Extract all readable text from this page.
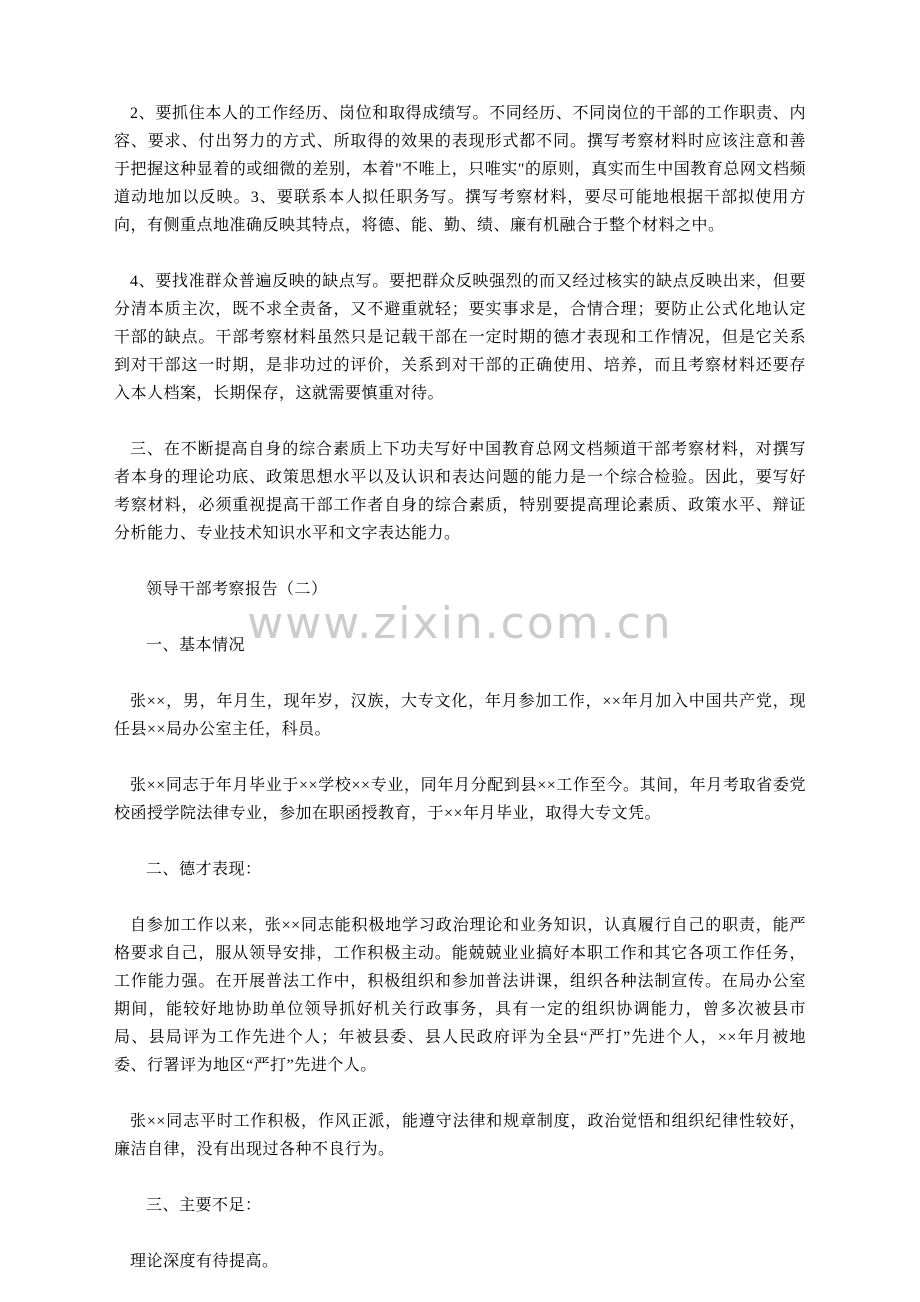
www.zixin.com.cn

2、要抓住本人的工作经历、岗位和取得成绩写。不同经历、不同岗位的干部的工作职责、内容、要求、付出努力的方式、所取得的效果的表现形式都不同。撰写考察材料时应该注意和善于把握这种显着的或细微的差别，本着"不唯上，只唯实"的原则，真实而生中国教育总网文档频道动地加以反映。3、要联系本人拟任职务写。撰写考察材料，要尽可能地根据干部拟使用方向，有侧重点地准确反映其特点，将德、能、勤、绩、廉有机融合于整个材料之中。

4、要找准群众普遍反映的缺点写。要把群众反映强烈的而又经过核实的缺点反映出来，但要分清本质主次，既不求全责备，又不避重就轻；要实事求是，合情合理；要防止公式化地认定干部的缺点。干部考察材料虽然只是记载干部在一定时期的德才表现和工作情况，但是它关系到对干部这一时期，是非功过的评价，关系到对干部的正确使用、培养，而且考察材料还要存入本人档案，长期保存，这就需要慎重对待。

三、在不断提高自身的综合素质上下功夫写好中国教育总网文档频道干部考察材料，对撰写者本身的理论功底、政策思想水平以及认识和表达问题的能力是一个综合检验。因此，要写好考察材料，必须重视提高干部工作者自身的综合素质，特别要提高理论素质、政策水平、辩证分析能力、专业技术知识水平和文字表达能力。

领导干部考察报告（二）

一、基本情况

张××，男，年月生，现年岁，汉族，大专文化，年月参加工作，××年月加入中国共产党，现任县××局办公室主任，科员。

张××同志于年月毕业于××学校××专业，同年月分配到县××工作至今。其间，年月考取省委党校函授学院法律专业，参加在职函授教育，于××年月毕业，取得大专文凭。

二、德才表现：

自参加工作以来，张××同志能积极地学习政治理论和业务知识，认真履行自己的职责，能严格要求自己，服从领导安排，工作积极主动。能兢兢业业搞好本职工作和其它各项工作任务，工作能力强。在开展普法工作中，积极组织和参加普法讲课，组织各种法制宣传。在局办公室期间，能较好地协助单位领导抓好机关行政事务，具有一定的组织协调能力，曾多次被县市局、县局评为工作先进个人；年被县委、县人民政府评为全县“严打”先进个人，××年月被地委、行署评为地区“严打”先进个人。

张××同志平时工作积极，作风正派，能遵守法律和规章制度，政治觉悟和组织纪律性较好，廉洁自律，没有出现过各种不良行为。

三、主要不足：

理论深度有待提高。
